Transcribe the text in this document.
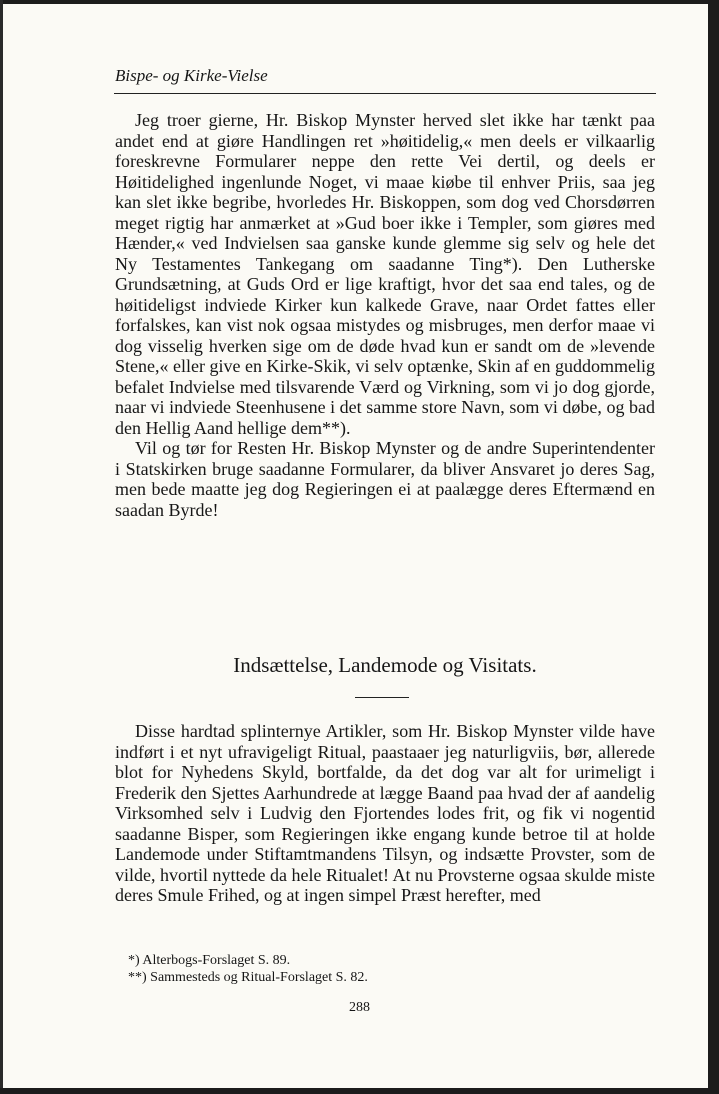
Bispe- og Kirke-Vielse

Jeg troer gierne, Hr. Biskop Mynster herved slet ikke har tænkt paa andet end at giøre Handlingen ret »høitidelig,« men deels er vilkaarlig foreskrevne Formularer neppe den rette Vei dertil, og deels er Høitidelighed ingenlunde Noget, vi maae kiøbe til enhver Priis, saa jeg kan slet ikke begribe, hvorledes Hr. Biskoppen, som dog ved Chorsdørren meget rigtig har anmærket at »Gud boer ikke i Templer, som giøres med Hænder,« ved Indvielsen saa ganske kunde glemme sig selv og hele det Ny Testamentes Tankegang om saadanne Ting*). Den Lutherske Grundsætning, at Guds Ord er lige kraftigt, hvor det saa end tales, og de høitideligst indviede Kirker kun kalkede Grave, naar Ordet fattes eller forfalskes, kan vist nok ogsaa mistydes og misbruges, men derfor maae vi dog visselig hverken sige om de døde hvad kun er sandt om de »levende Stene,« eller give en Kirke-Skik, vi selv optænke, Skin af en guddommelig befalet Indvielse med tilsvarende Værd og Virkning, som vi jo dog gjorde, naar vi indviede Steenhusene i det samme store Navn, som vi døbe, og bad den Hellig Aand hellige dem**).

Vil og tør for Resten Hr. Biskop Mynster og de andre Superintendenter i Statskirken bruge saadanne Formularer, da bliver Ansvaret jo deres Sag, men bede maatte jeg dog Regieringen ei at paalægge deres Eftermænd en saadan Byrde!

Indsættelse, Landemode og Visitats.

Disse hardtad splinternye Artikler, som Hr. Biskop Mynster vilde have indført i et nyt ufravigeligt Ritual, paastaaer jeg naturligviis, bør, allerede blot for Nyhedens Skyld, bortfalde, da det dog var alt for urimeligt i Frederik den Sjettes Aarhundrede at lægge Baand paa hvad der af aandelig Virksomhed selv i Ludvig den Fjortendes lodes frit, og fik vi nogentid saadanne Bisper, som Regieringen ikke engang kunde betroe til at holde Landemode under Stiftamtmandens Tilsyn, og indsætte Provster, som de vilde, hvortil nyttede da hele Ritualet! At nu Provsterne ogsaa skulde miste deres Smule Frihed, og at ingen simpel Præst herefter, med

*) Alterbogs-Forslaget S. 89.
**) Sammesteds og Ritual-Forslaget S. 82.
288
